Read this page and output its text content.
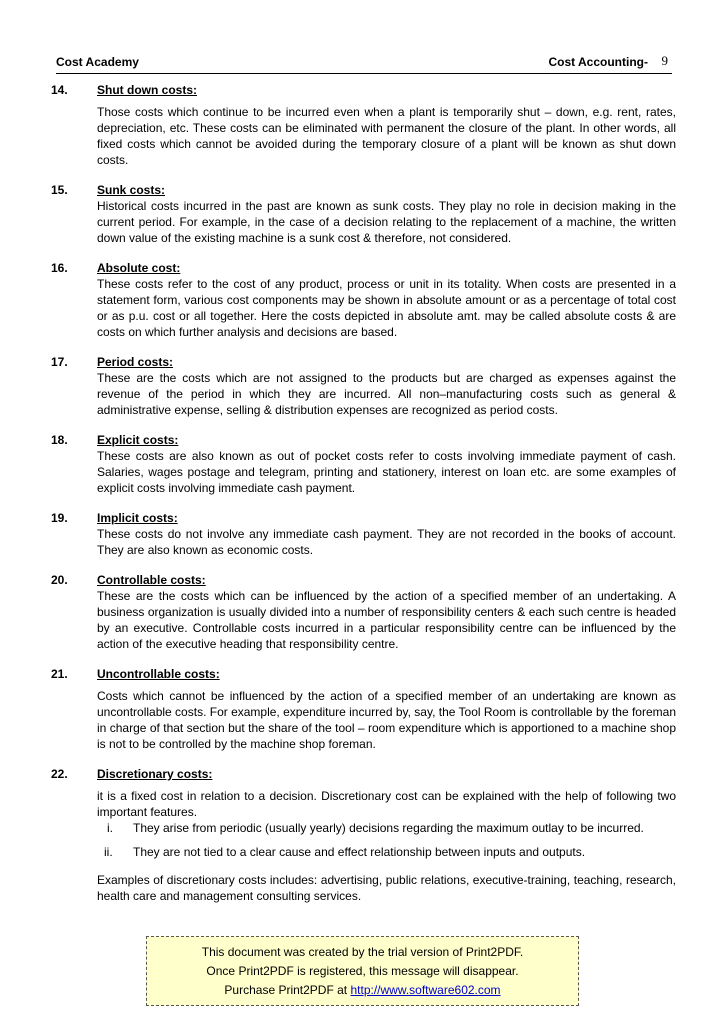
Cost Academy	Cost Accounting- 9
14. Shut down costs:
Those costs which continue to be incurred even when a plant is temporarily shut – down, e.g. rent, rates, depreciation, etc. These costs can be eliminated with permanent the closure of the plant. In other words, all fixed costs which cannot be avoided during the temporary closure of a plant will be known as shut down costs.
15. Sunk costs:
Historical costs incurred in the past are known as sunk costs. They play no role in decision making in the current period. For example, in the case of a decision relating to the replacement of a machine, the written down value of the existing machine is a sunk cost & therefore, not considered.
16. Absolute cost:
These costs refer to the cost of any product, process or unit in its totality. When costs are presented in a statement form, various cost components may be shown in absolute amount or as a percentage of total cost or as p.u. cost or all together. Here the costs depicted in absolute amt. may be called absolute costs & are costs on which further analysis and decisions are based.
17. Period costs:
These are the costs which are not assigned to the products but are charged as expenses against the revenue of the period in which they are incurred. All non–manufacturing costs such as general & administrative expense, selling & distribution expenses are recognized as period costs.
18. Explicit costs:
These costs are also known as out of pocket costs refer to costs involving immediate payment of cash. Salaries, wages postage and telegram, printing and stationery, interest on loan etc. are some examples of explicit costs involving immediate cash payment.
19. Implicit costs:
These costs do not involve any immediate cash payment. They are not recorded in the books of account. They are also known as economic costs.
20. Controllable costs:
These are the costs which can be influenced by the action of a specified member of an undertaking. A business organization is usually divided into a number of responsibility centers & each such centre is headed by an executive. Controllable costs incurred in a particular responsibility centre can be influenced by the action of the executive heading that responsibility centre.
21. Uncontrollable costs:
Costs which cannot be influenced by the action of a specified member of an undertaking are known as uncontrollable costs. For example, expenditure incurred by, say, the Tool Room is controllable by the foreman in charge of that section but the share of the tool – room expenditure which is apportioned to a machine shop is not to be controlled by the machine shop foreman.
22. Discretionary costs:
it is a fixed cost in relation to a decision. Discretionary cost can be explained with the help of following two important features.
i. They arise from periodic (usually yearly) decisions regarding the maximum outlay to be incurred.
ii. They are not tied to a clear cause and effect relationship between inputs and outputs.
Examples of discretionary costs includes: advertising, public relations, executive-training, teaching, research, health care and management consulting services.
This document was created by the trial version of Print2PDF.
Once Print2PDF is registered, this message will disappear.
Purchase Print2PDF at http://www.software602.com
